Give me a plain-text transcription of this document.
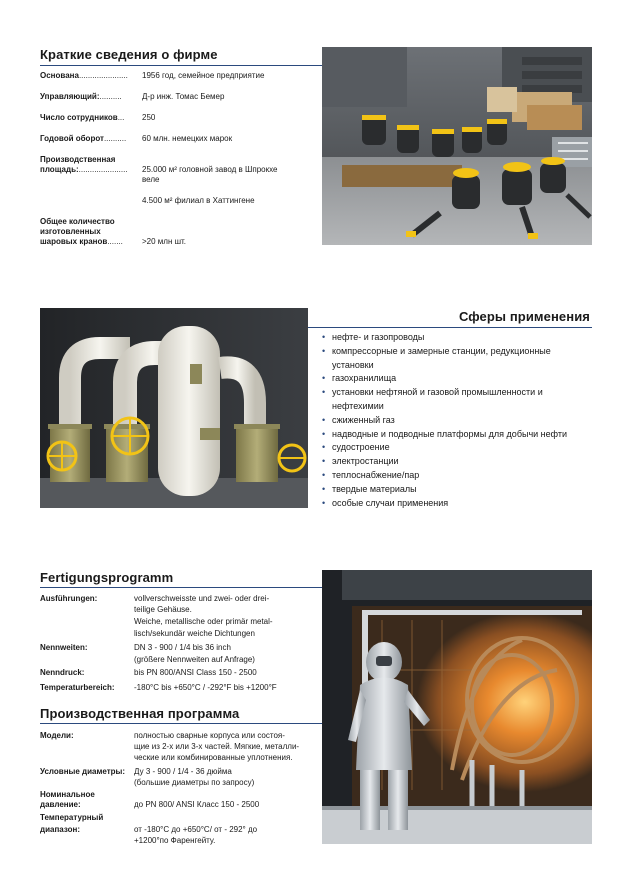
Краткие сведения о фирме
Основана...................... 1956 год, семейное предприятие
Управляющий:..........	Д-р инж. Томас Бемер
Число сотрудников... 250
Годовой оборот.......... 60 млн. немецких марок
Производственная
площадь:...................... 25.000 м² головной завод в Шпрокхе
веле
4.500 м² филиал в Хаттингене
Общее количество
изготовленных
шаровых кранов....... >20 млн шт.
Сферы применения
• нефте- и газопроводы
• компрессорные и замерные станции, редукционные
установки
• газохранилища
• установки нефтяной и газовой промышленности и
нефтехимии
• сжиженный газ
• надводные и подводные платформы для добычи нефти
• судостроение
• электростанции
• теплоснабжение/пар
• твердые материалы
• особые случаи применения
Fertigungsprogramm
Ausführungen:	vollverschweisste und zwei- oder drei-
teilige Gehäuse.
Weiche, metallische oder primär metal-
lisch/sekundär weiche Dichtungen
Nennweiten:	DN 3 - 900 / 1/4 bis 36 inch
(größere Nennweiten auf Anfrage)
Nenndruck:	bis PN 800/ANSI Class 150 - 2500
Temperaturbereich: -180°C bis +650°C / -292°F bis +1200°F
Производственная программа
Модели:	полностью сварные корпуса или состоя-
щие из 2-х или 3-х частей. Мягкие, металли-
ческие или комбинированные уплотнения.
Условные диаметры: Ду 3 - 900 / 1/4 - 36 дюйма
(большие диаметры по запросу)
Номинальное
давление:	до PN 800/ ANSI Класс 150 - 2500
Температурный
диапазон:	от -180°С до +650°С/ от - 292° до
+1200°по Фаренгейту.
